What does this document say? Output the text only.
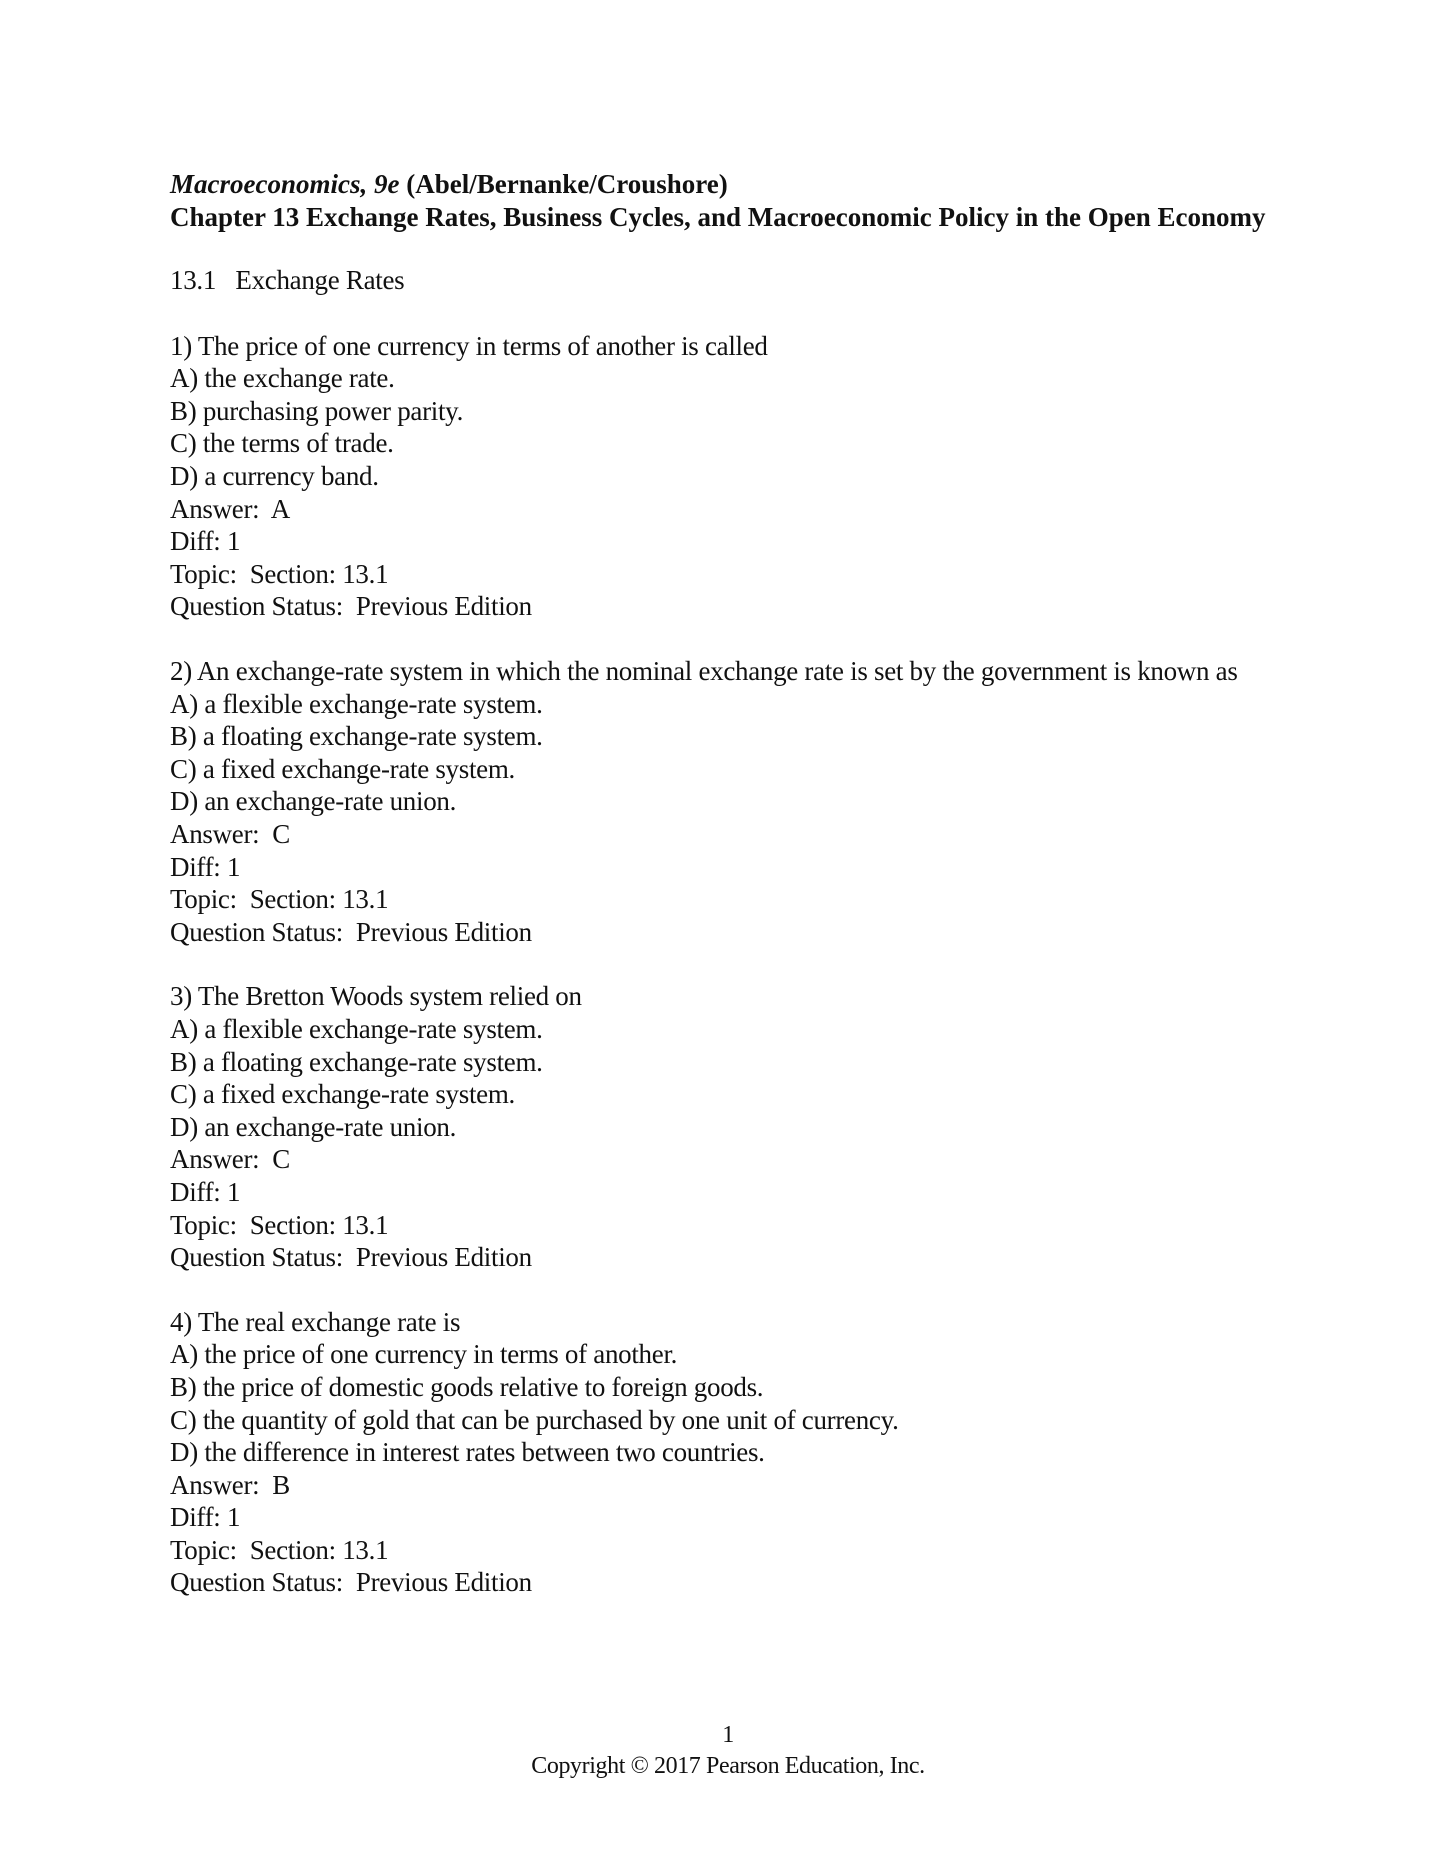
Macroeconomics, 9e (Abel/Bernanke/Croushore)
Chapter 13 Exchange Rates, Business Cycles, and Macroeconomic Policy in the Open Economy
13.1   Exchange Rates
1) The price of one currency in terms of another is called
A) the exchange rate.
B) purchasing power parity.
C) the terms of trade.
D) a currency band.
Answer:  A
Diff: 1
Topic:  Section: 13.1
Question Status:  Previous Edition
2) An exchange-rate system in which the nominal exchange rate is set by the government is known as
A) a flexible exchange-rate system.
B) a floating exchange-rate system.
C) a fixed exchange-rate system.
D) an exchange-rate union.
Answer:  C
Diff: 1
Topic:  Section: 13.1
Question Status:  Previous Edition
3) The Bretton Woods system relied on
A) a flexible exchange-rate system.
B) a floating exchange-rate system.
C) a fixed exchange-rate system.
D) an exchange-rate union.
Answer:  C
Diff: 1
Topic:  Section: 13.1
Question Status:  Previous Edition
4) The real exchange rate is
A) the price of one currency in terms of another.
B) the price of domestic goods relative to foreign goods.
C) the quantity of gold that can be purchased by one unit of currency.
D) the difference in interest rates between two countries.
Answer:  B
Diff: 1
Topic:  Section: 13.1
Question Status:  Previous Edition
1
Copyright © 2017 Pearson Education, Inc.
